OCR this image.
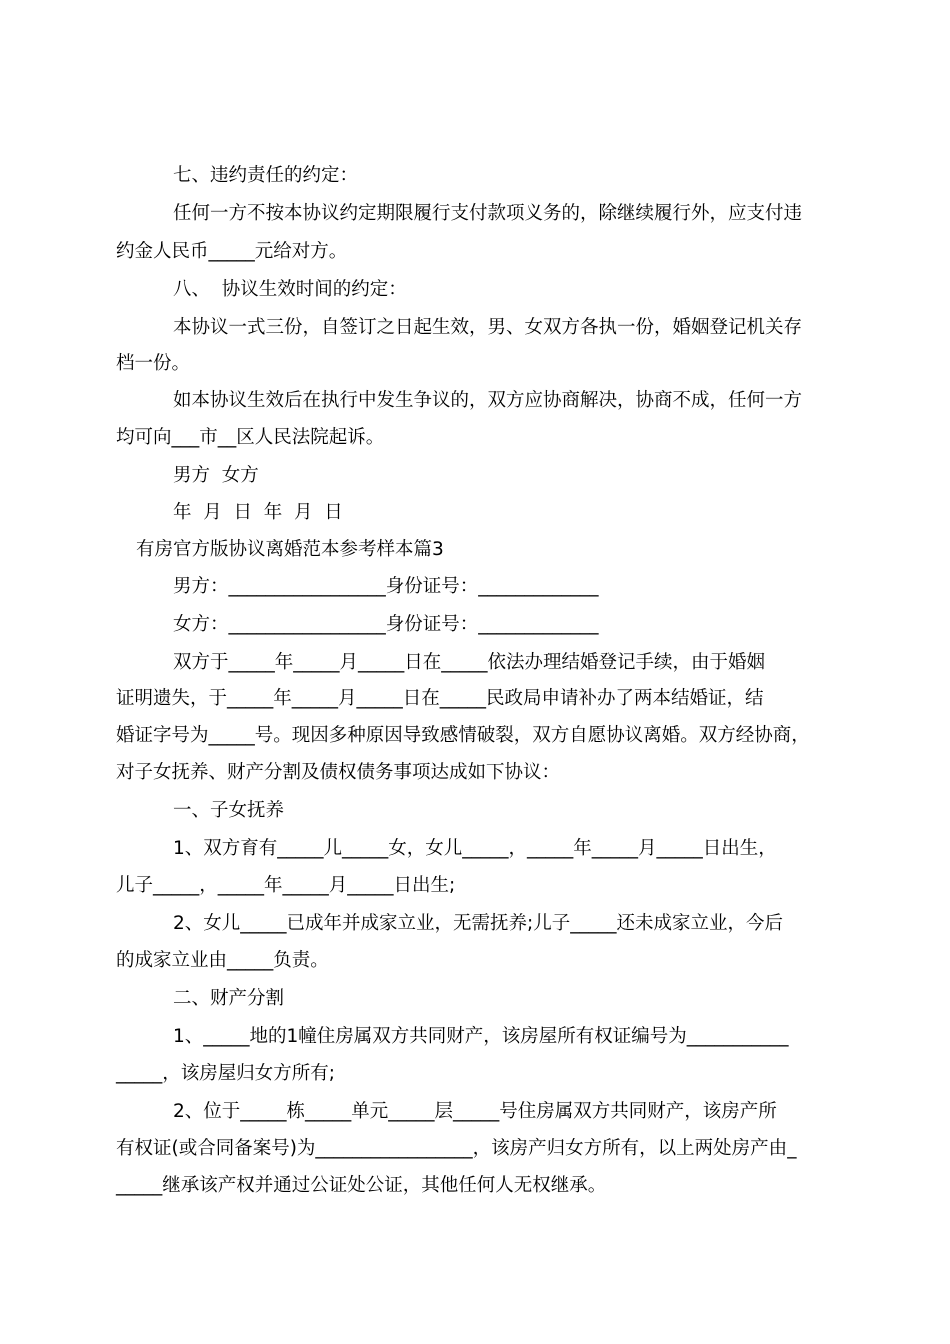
七、违约责任的约定：

任何一方不按本协议约定期限履行支付款项义务的，除继续履行外，应支付违

约金人民币_____元给对方。

八、  协议生效时间的约定：

本协议一式三份，自签订之日起生效，男、女双方各执一份，婚姻登记机关存

档一份。

如本协议生效后在执行中发生争议的，双方应协商解决，协商不成，任何一方

均可向___市__区人民法院起诉。

男方  女方

年  月  日  年  月  日

有房官方版协议离婚范本参考样本篇3

男方：_________________身份证号：_____________

女方：_________________身份证号：_____________

双方于_____年_____月_____日在_____依法办理结婚登记手续，由于婚姻

证明遗失，于_____年_____月_____日在_____民政局申请补办了两本结婚证，结

婚证字号为_____号。现因多种原因导致感情破裂，双方自愿协议离婚。双方经协商，

对子女抚养、财产分割及债权债务事项达成如下协议：

一、子女抚养

1、双方育有_____儿_____女，女儿_____，_____年_____月_____日出生，

儿子_____，_____年_____月_____日出生;

2、女儿_____已成年并成家立业，无需抚养;儿子_____还未成家立业，今后

的成家立业由_____负责。

二、财产分割

1、_____地的1幢住房属双方共同财产，该房屋所有权证编号为___________

_____，该房屋归女方所有;

2、位于_____栋_____单元_____层_____号住房属双方共同财产，该房产所

有权证(或合同备案号)为_________________，该房产归女方所有，以上两处房产由_

_____继承该产权并通过公证处公证，其他任何人无权继承。
